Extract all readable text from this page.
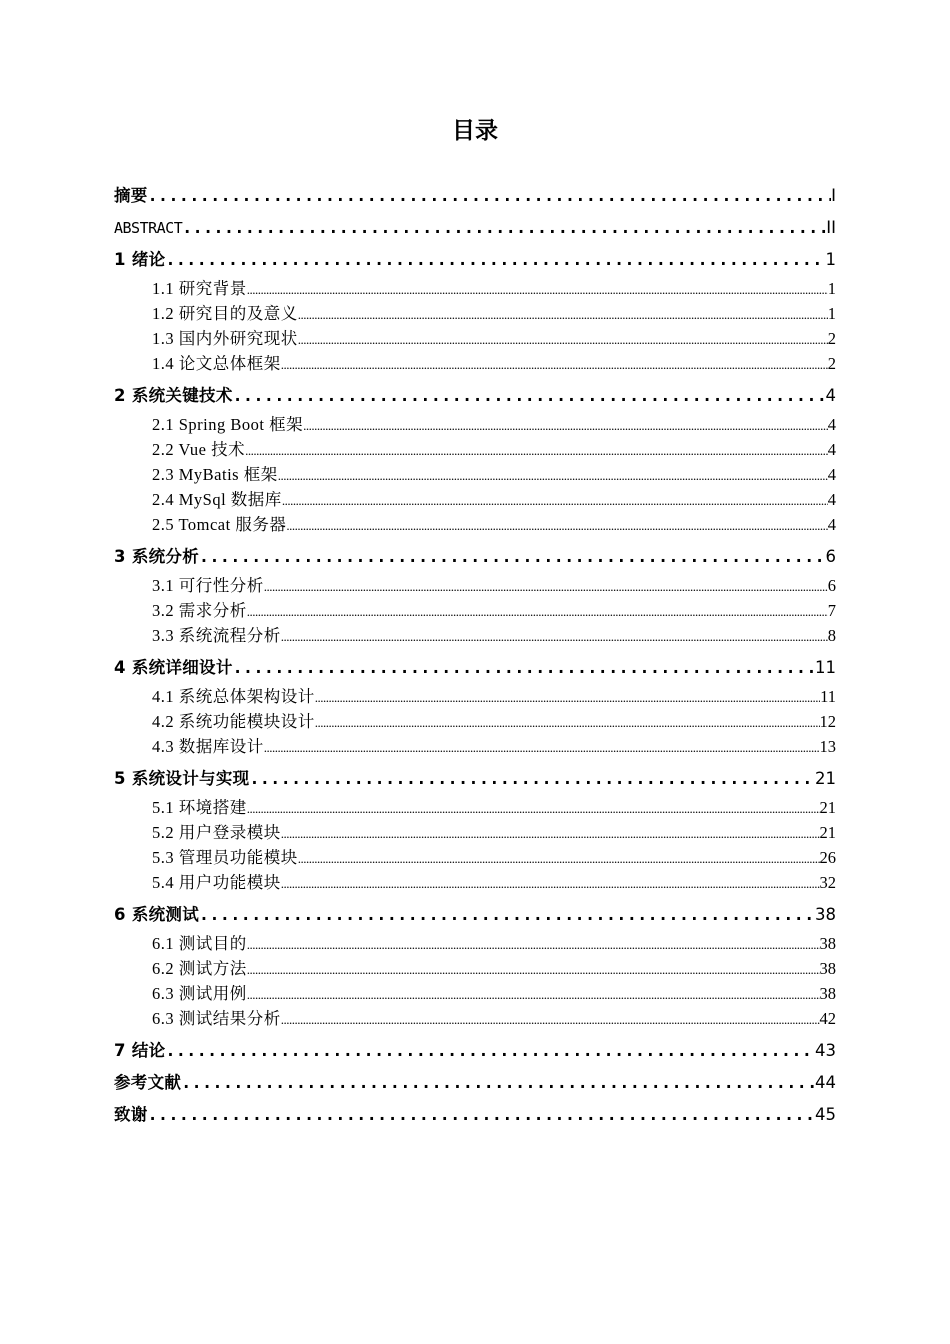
目录
摘要 .....	I
ABSTRACT .....	II
1 绪论 .....	1
1.1 研究背景 .....	1
1.2 研究目的及意义 .....	1
1.3 国内外研究现状 .....	2
1.4 论文总体框架 .....	2
2 系统关键技术 .....	4
2.1 Spring Boot 框架 .....	4
2.2 Vue 技术 .....	4
2.3 MyBatis 框架 .....	4
2.4 MySql 数据库 .....	4
2.5 Tomcat 服务器 .....	4
3 系统分析 .....	6
3.1 可行性分析 .....	6
3.2 需求分析 .....	7
3.3 系统流程分析 .....	8
4 系统详细设计 .....	11
4.1 系统总体架构设计 .....	11
4.2 系统功能模块设计 .....	12
4.3 数据库设计 .....	13
5 系统设计与实现 .....	21
5.1 环境搭建 .....	21
5.2 用户登录模块 .....	21
5.3 管理员功能模块 .....	26
5.4 用户功能模块 .....	32
6 系统测试 .....	38
6.1 测试目的 .....	38
6.2 测试方法 .....	38
6.3 测试用例 .....	38
6.3 测试结果分析 .....	42
7 结论 .....	43
参考文献 .....	44
致谢 .....	45
